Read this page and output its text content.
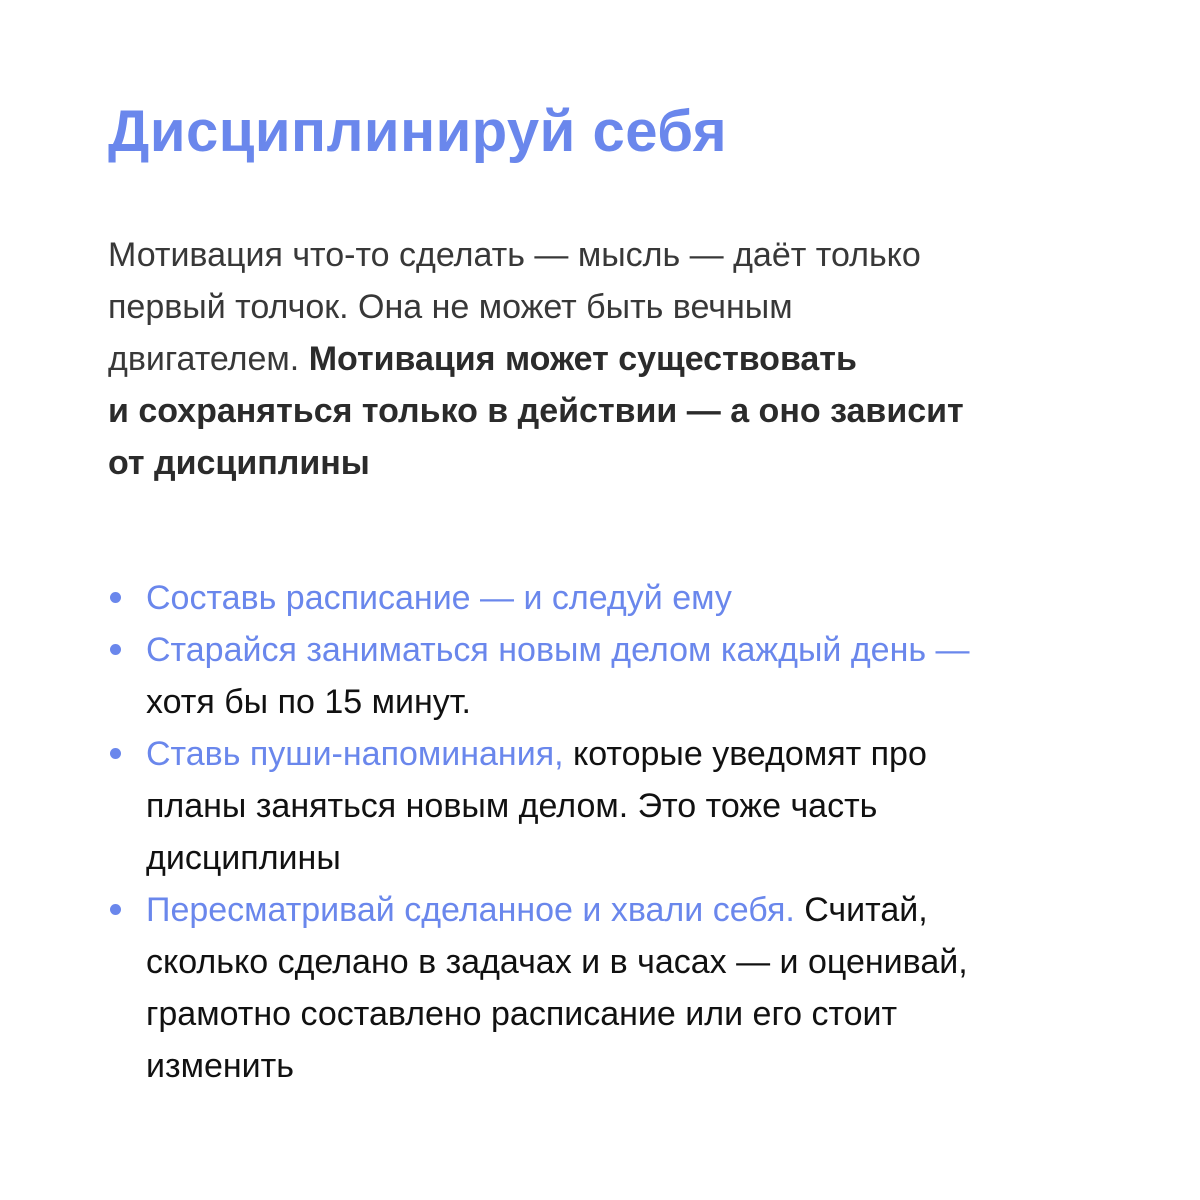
Дисциплинируй себя

Мотивация что-то сделать — мысль — даёт только
первый толчок. Она не может быть вечным
двигателем. Мотивация может существовать
и сохраняться только в действии — а оно зависит
от дисциплины

Составь расписание — и следуй ему
Старайся заниматься новым делом каждый день —
хотя бы по 15 минут.
Ставь пуши-напоминания, которые уведомят про
планы заняться новым делом. Это тоже часть
дисциплины
Пересматривай сделанное и хвали себя. Считай,
сколько сделано в задачах и в часах — и оценивай,
грамотно составлено расписание или его стоит
изменить
